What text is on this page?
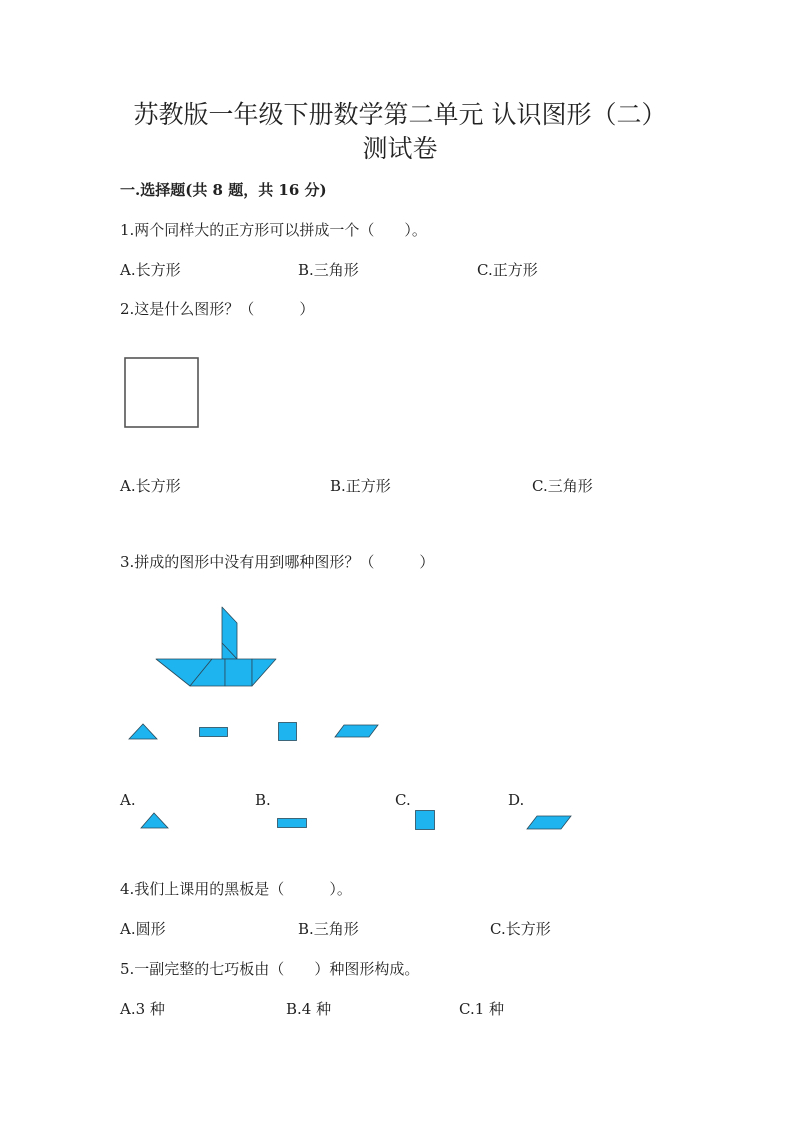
苏教版一年级下册数学第二单元 认识图形（二）
测试卷
一.选择题(共 8 题，共 16 分)
1.两个同样大的正方形可以拼成一个（　　）。
A.长方形	B.三角形	C.正方形
2.这是什么图形？（　　　）
A.长方形	B.正方形	C.三角形
3.拼成的图形中没有用到哪种图形？（　　　）
A.	B.	C.	D.
4.我们上课用的黑板是（　　　）。
A.圆形	B.三角形	C.长方形
5.一副完整的七巧板由（　　）种图形构成。
A.3 种	B.4 种	C.1 种
